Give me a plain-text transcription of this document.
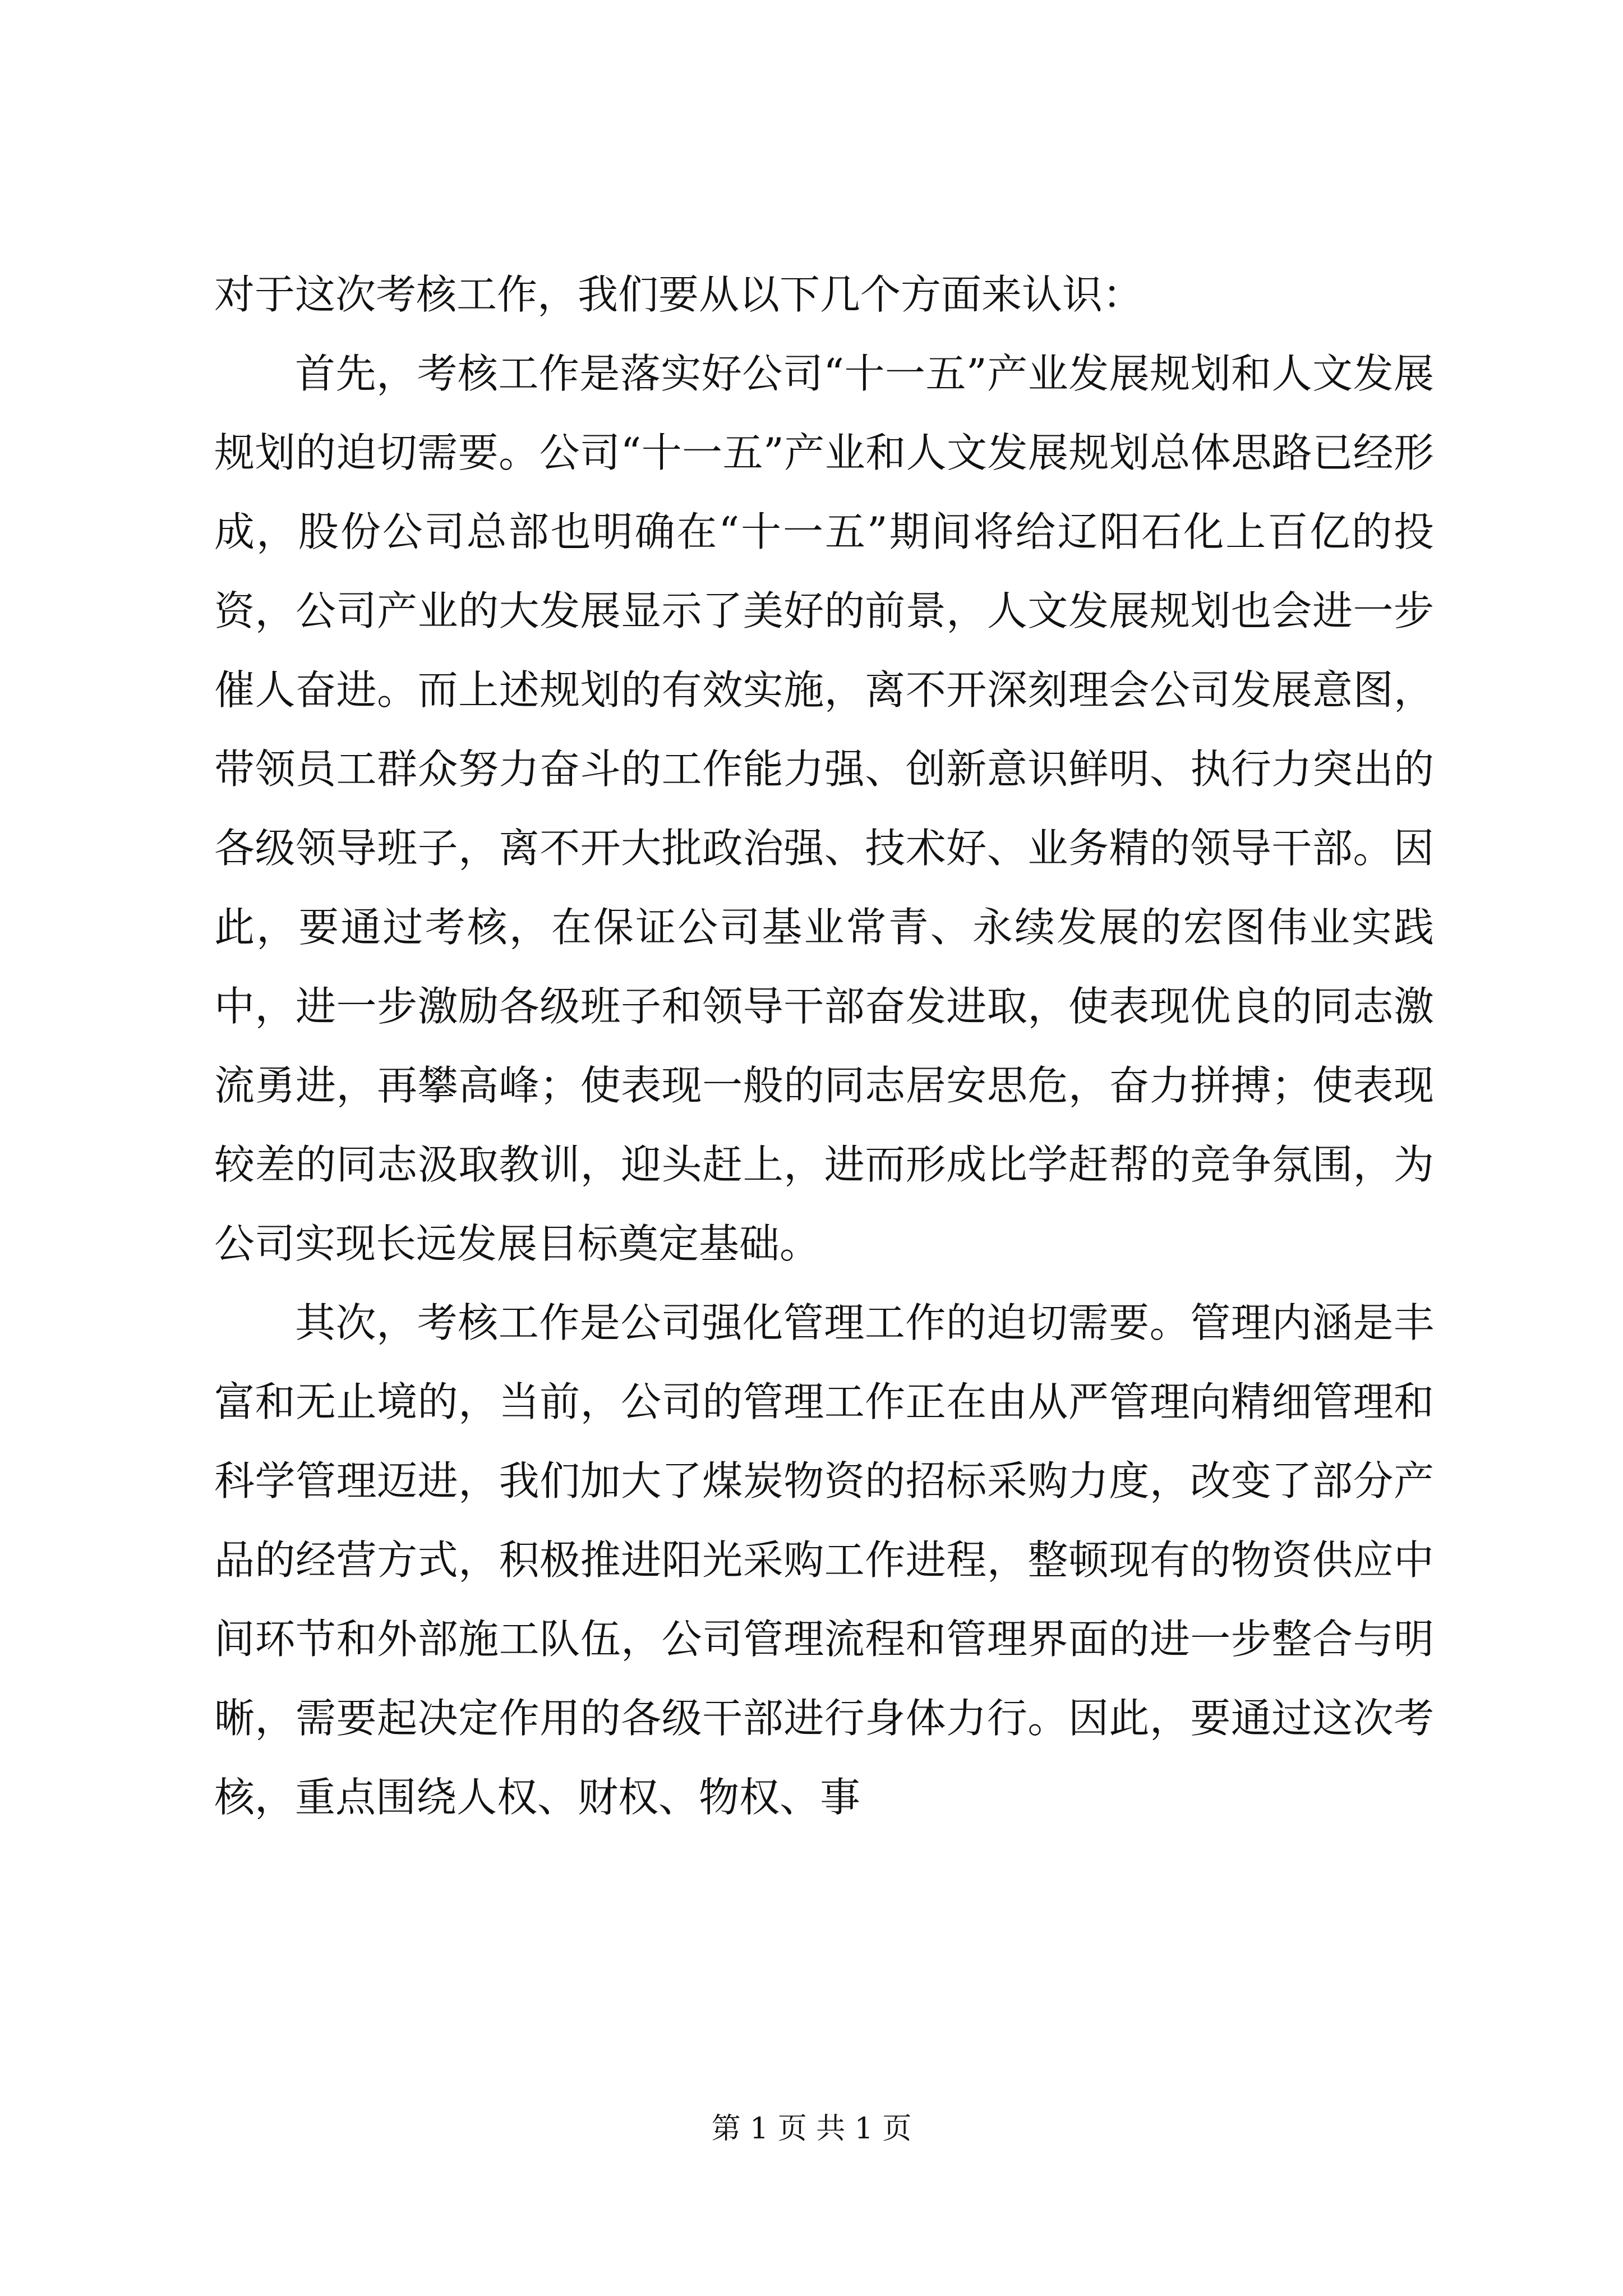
对于这次考核工作，我们要从以下几个方面来认识：

首先，考核工作是落实好公司“十一五”产业发展规划和人文发展规划的迫切需要。公司“十一五”产业和人文发展规划总体思路已经形成，股份公司总部也明确在“十一五”期间将给辽阳石化上百亿的投资，公司产业的大发展显示了美好的前景，人文发展规划也会进一步催人奋进。而上述规划的有效实施，离不开深刻理会公司发展意图，带领员工群众努力奋斗的工作能力强、创新意识鲜明、执行力突出的各级领导班子，离不开大批政治强、技术好、业务精的领导干部。因此，要通过考核，在保证公司基业常青、永续发展的宏图伟业实践中，进一步激励各级班子和领导干部奋发进取，使表现优良的同志激流勇进，再攀高峰；使表现一般的同志居安思危，奋力拼搏；使表现较差的同志汲取教训，迎头赶上，进而形成比学赶帮的竞争氛围，为公司实现长远发展目标奠定基础。

其次，考核工作是公司强化管理工作的迫切需要。管理内涵是丰富和无止境的，当前，公司的管理工作正在由从严管理向精细管理和科学管理迈进，我们加大了煤炭物资的招标采购力度，改变了部分产品的经营方式，积极推进阳光采购工作进程，整顿现有的物资供应中间环节和外部施工队伍，公司管理流程和管理界面的进一步整合与明晰，需要起决定作用的各级干部进行身体力行。因此，要通过这次考核，重点围绕人权、财权、物权、事

第 1 页 共 1 页
